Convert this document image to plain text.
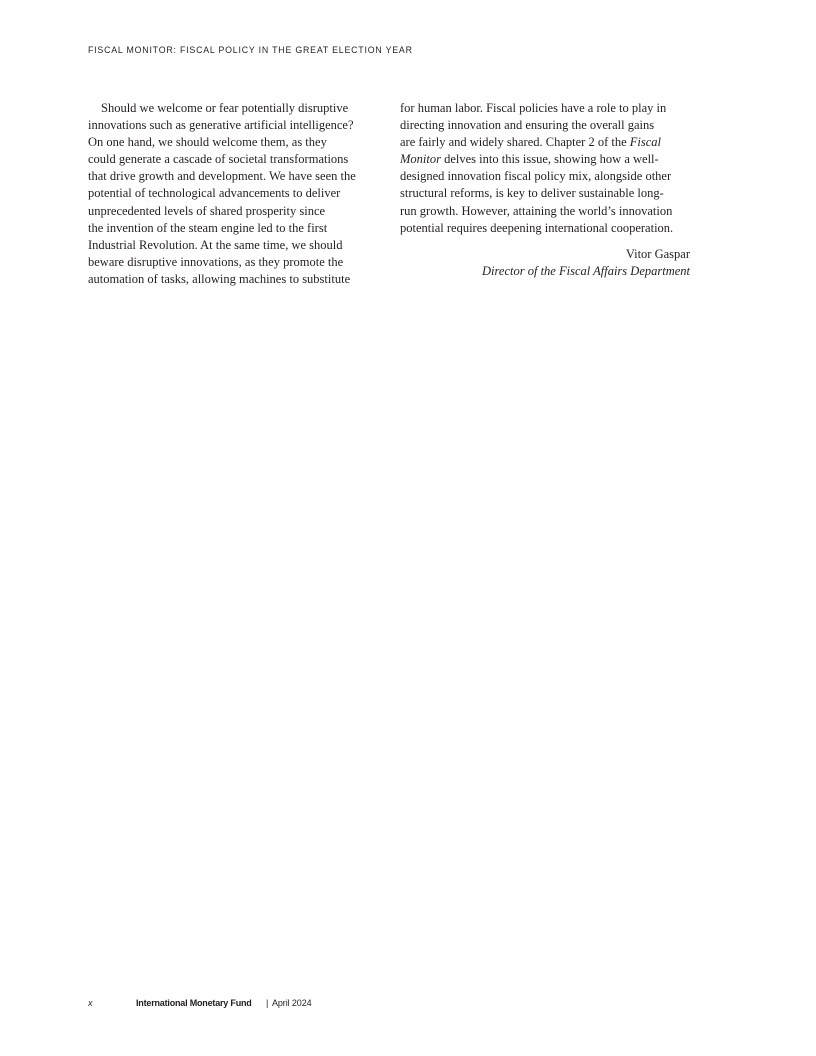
FISCAL MONITOR: FISCAL POLICY IN THE GREAT ELECTION YEAR
Should we welcome or fear potentially disruptive
innovations such as generative artificial intelligence?
On one hand, we should welcome them, as they
could generate a cascade of societal transformations
that drive growth and development. We have seen the
potential of technological advancements to deliver
unprecedented levels of shared prosperity since
the invention of the steam engine led to the first
Industrial Revolution. At the same time, we should
beware disruptive innovations, as they promote the
automation of tasks, allowing machines to substitute
for human labor. Fiscal policies have a role to play in
directing innovation and ensuring the overall gains
are fairly and widely shared. Chapter 2 of the Fiscal
Monitor delves into this issue, showing how a well-
designed innovation fiscal policy mix, alongside other
structural reforms, is key to deliver sustainable long-
run growth. However, attaining the world’s innovation
potential requires deepening international cooperation.
Vitor Gaspar
Director of the Fiscal Affairs Department
x	International Monetary Fund | April 2024
